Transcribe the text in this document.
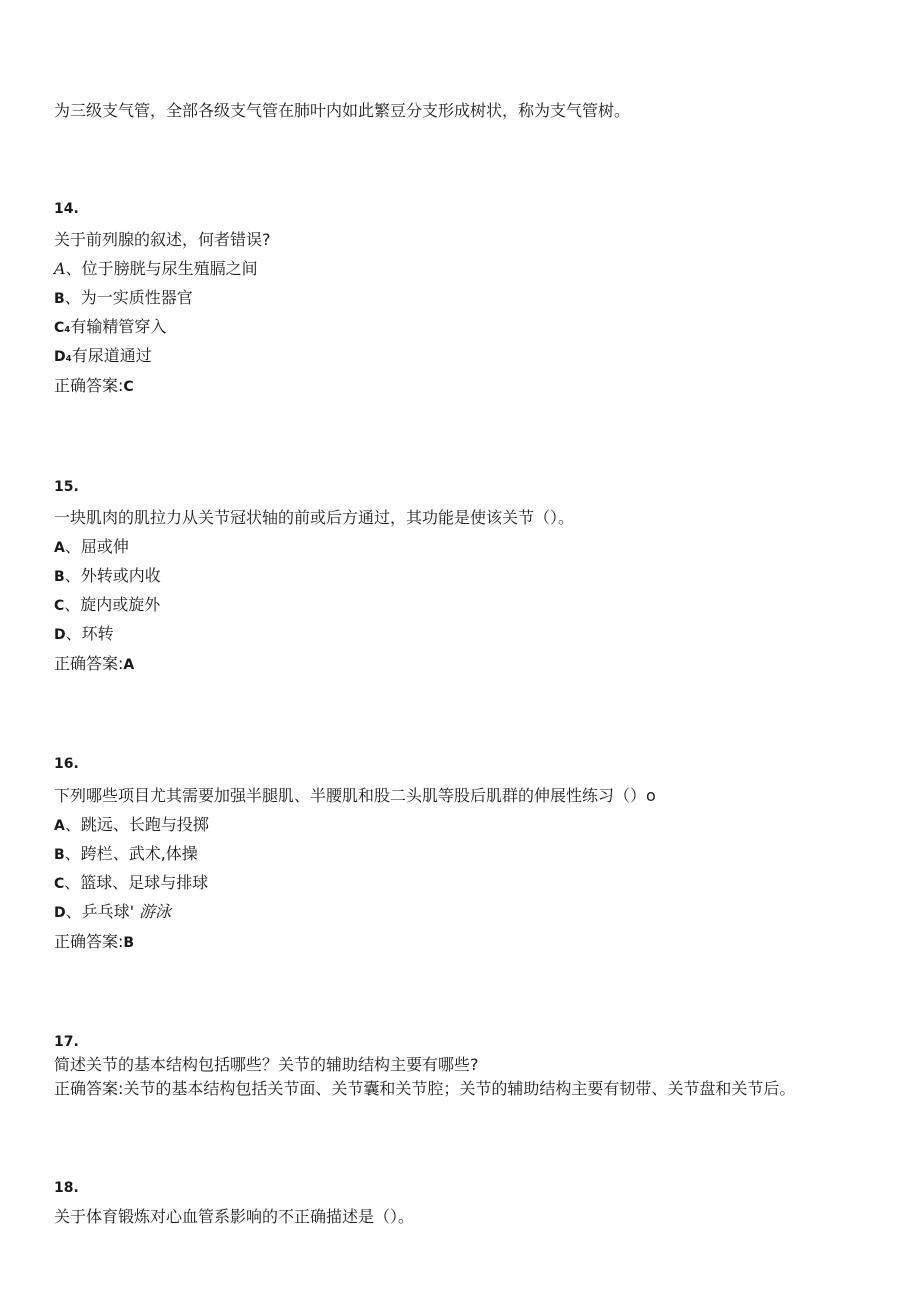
为三级支气管，全部各级支气管在肺叶内如此繁豆分支形成树状，称为支气管树。
14.
关于前列腺的叙述，何者错误?
A、位于膀胱与尿生殖膈之间
B、为一实质性器官
C₄有输精管穿入
D₄有尿道通过
正确答案:C
15.
一块肌肉的肌拉力从关节冠状轴的前或后方通过，其功能是使该关节（）。
A、屈或伸
B、外转或内收
C、旋内或旋外
D、环转
正确答案:A
16.
下列哪些项目尤其需要加强半腿肌、半腰肌和股二头肌等股后肌群的伸展性练习（）o
A、跳远、长跑与投掷
B、跨栏、武术,体操
C、篮球、足球与排球
D、乒乓球' 游泳
正确答案:B
17.
简述关节的基本结构包括哪些？关节的辅助结构主要有哪些?
正确答案:关节的基本结构包括关节面、关节囊和关节腔；关节的辅助结构主要有韧带、关节盘和关节后。
18.
关于体育锻炼对心血管系影响的不正确描述是（）。
